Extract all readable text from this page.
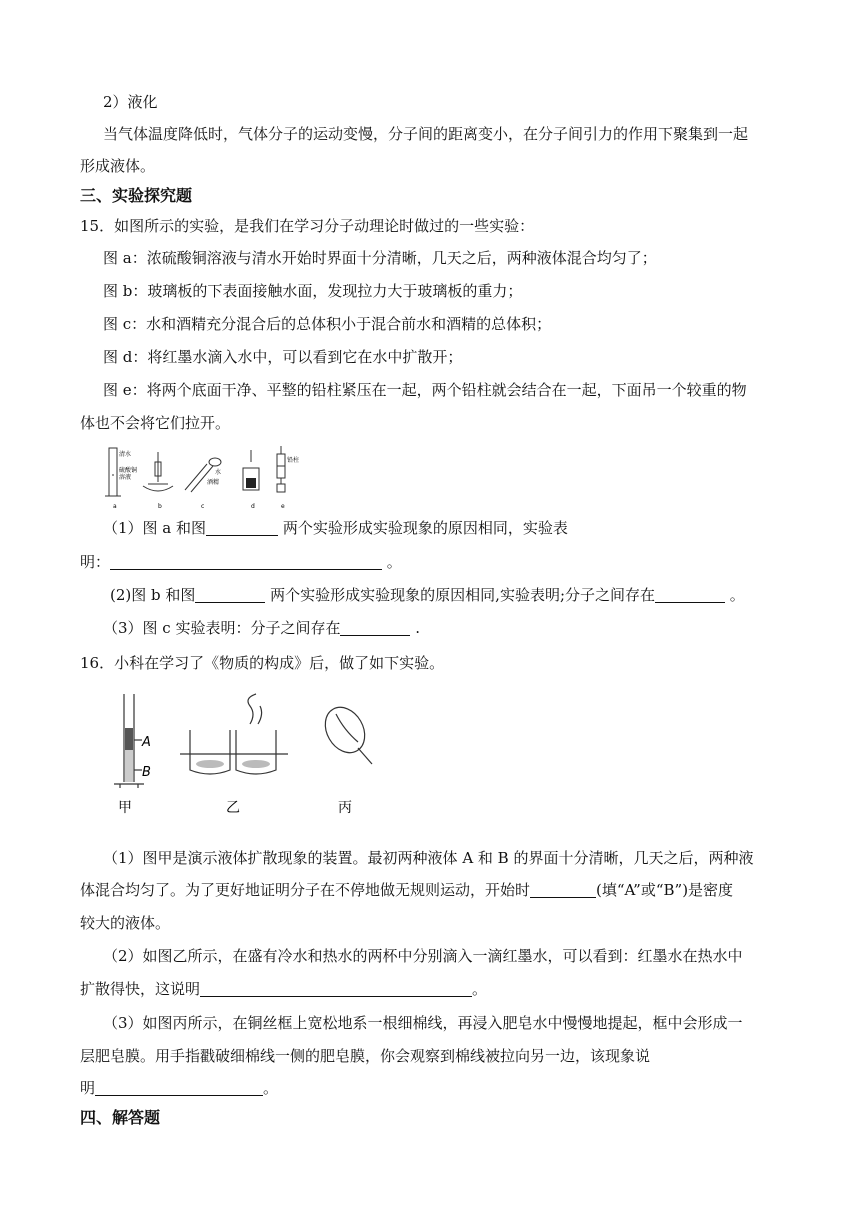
2）液化
当气体温度降低时，气体分子的运动变慢，分子间的距离变小，在分子间引力的作用下聚集到一起
形成液体。
三、实验探究题
15．如图所示的实验，是我们在学习分子动理论时做过的一些实验：
图 a：浓硫酸铜溶液与清水开始时界面十分清晰，几天之后，两种液体混合均匀了；
图 b：玻璃板的下表面接触水面，发现拉力大于玻璃板的重力；
图 c：水和酒精充分混合后的总体积小于混合前水和酒精的总体积；
图 d：将红墨水滴入水中，可以看到它在水中扩散开；
图 e：将两个底面干净、平整的铅柱紧压在一起，两个铅柱就会结合在一起，下面吊一个较重的物
体也不会将它们拉开。
清水
硫酸铜
溶液
水
酒精
铅柱
a	b	c	d	e
（1）图 a 和图	两个实验形成实验现象的原因相同，实验表
明：	。
(2)图 b 和图	两个实验形成实验现象的原因相同,实验表明;分子之间存在	。
（3）图 c 实验表明：分子之间存在	.
16．小科在学习了《物质的构成》后，做了如下实验。
A
B
甲	乙	丙
（1）图甲是演示液体扩散现象的装置。最初两种液体 A 和 B 的界面十分清晰，几天之后，两种液
体混合均匀了。为了更好地证明分子在不停地做无规则运动，开始时	(填“A”或“B”)是密度
较大的液体。
（2）如图乙所示，在盛有冷水和热水的两杯中分别滴入一滴红墨水，可以看到：红墨水在热水中
扩散得快，这说明	。
（3）如图丙所示，在铜丝框上宽松地系一根细棉线，再浸入肥皂水中慢慢地提起，框中会形成一
层肥皂膜。用手指戳破细棉线一侧的肥皂膜，你会观察到棉线被拉向另一边，该现象说
明	。
四、解答题
